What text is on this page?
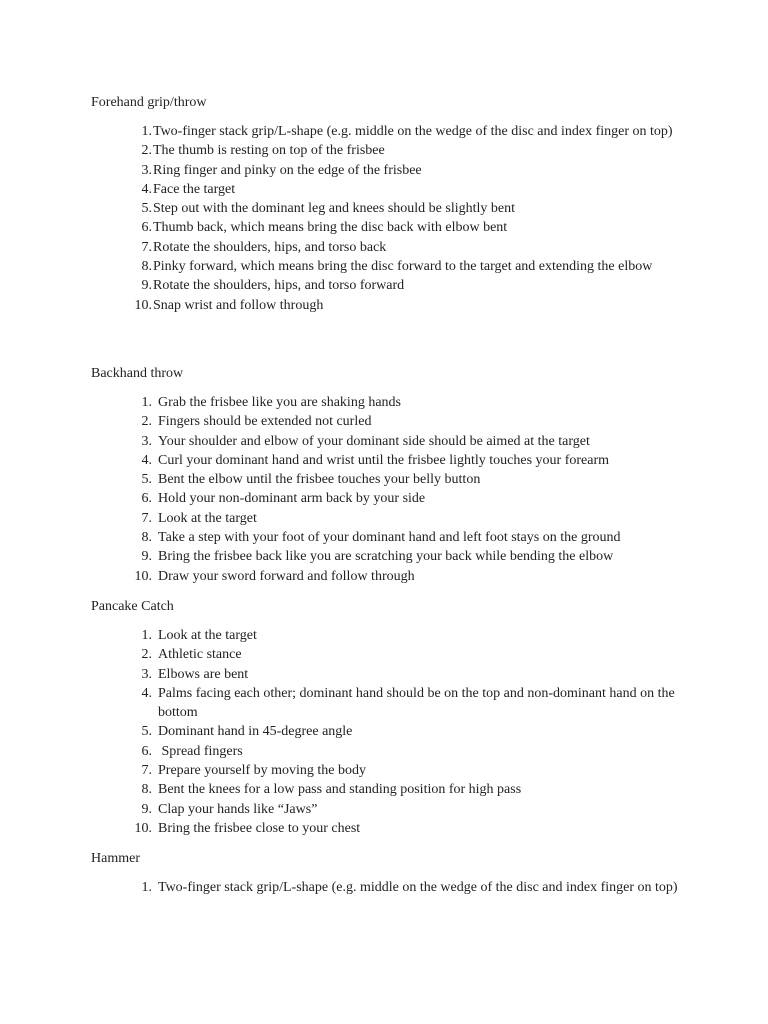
Forehand grip/throw
1. Two-finger stack grip/L-shape (e.g. middle on the wedge of the disc and index finger on top)
2. The thumb is resting on top of the frisbee
3. Ring finger and pinky on the edge of the frisbee
4. Face the target
5. Step out with the dominant leg and knees should be slightly bent
6. Thumb back, which means bring the disc back with elbow bent
7. Rotate the shoulders, hips, and torso back
8. Pinky forward, which means bring the disc forward to the target and extending the elbow
9. Rotate the shoulders, hips, and torso forward
10. Snap wrist and follow through
Backhand throw
1. Grab the frisbee like you are shaking hands
2. Fingers should be extended not curled
3. Your shoulder and elbow of your dominant side should be aimed at the target
4. Curl your dominant hand and wrist until the frisbee lightly touches your forearm
5. Bent the elbow until the frisbee touches your belly button
6. Hold your non-dominant arm back by your side
7. Look at the target
8. Take a step with your foot of your dominant hand and left foot stays on the ground
9. Bring the frisbee back like you are scratching your back while bending the elbow
10. Draw your sword forward and follow through
Pancake Catch
1. Look at the target
2. Athletic stance
3. Elbows are bent
4. Palms facing each other; dominant hand should be on the top and non-dominant hand on the bottom
5. Dominant hand in 45-degree angle
6. Spread fingers
7. Prepare yourself by moving the body
8. Bent the knees for a low pass and standing position for high pass
9. Clap your hands like “Jaws”
10. Bring the frisbee close to your chest
Hammer
1. Two-finger stack grip/L-shape (e.g. middle on the wedge of the disc and index finger on top)
